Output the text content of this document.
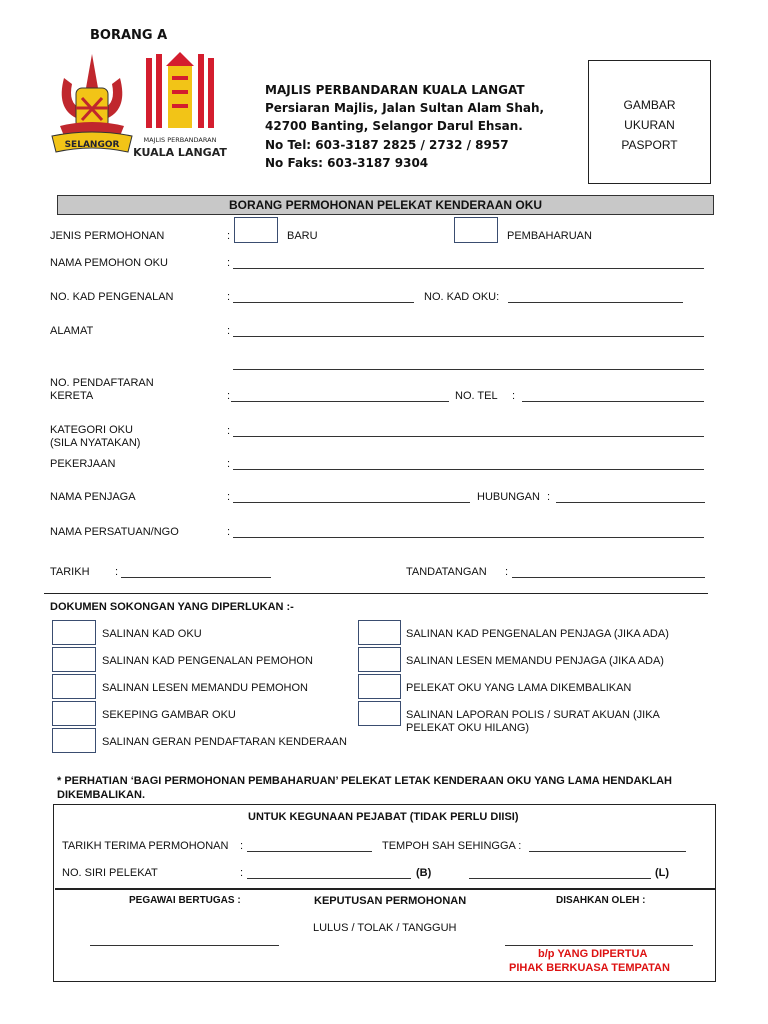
BORANG A
SELANGOR	MAJLIS PERBANDARAN
KUALA LANGAT
MAJLIS PERBANDARAN KUALA LANGAT
Persiaran Majlis, Jalan Sultan Alam Shah,
42700 Banting, Selangor Darul Ehsan.
No Tel: 603-3187 2825 / 2732 / 8957
No Faks: 603-3187 9304
GAMBAR
UKURAN
PASPORT
BORANG PERMOHONAN PELEKAT KENDERAAN OKU
JENIS PERMOHONAN	:	BARU	PEMBAHARUAN
NAMA PEMOHON OKU	:
NO. KAD PENGENALAN	:	NO. KAD OKU:
ALAMAT	:
NO. PENDAFTARAN
KERETA	:	NO. TEL :
KATEGORI OKU
(SILA NYATAKAN)
:
PEKERJAAN	:
NAMA PENJAGA	:	HUBUNGAN :
NAMA PERSATUAN/NGO	:
TARIKH :	TANDATANGAN :
DOKUMEN SOKONGAN YANG DIPERLUKAN :-
SALINAN KAD OKU
SALINAN KAD PENGENALAN PEMOHON
SALINAN LESEN MEMANDU PEMOHON
SEKEPING GAMBAR OKU
SALINAN GERAN PENDAFTARAN KENDERAAN
SALINAN KAD PENGENALAN PENJAGA (JIKA ADA)
SALINAN LESEN MEMANDU PENJAGA (JIKA ADA)
PELEKAT OKU YANG LAMA DIKEMBALIKAN
SALINAN LAPORAN POLIS / SURAT AKUAN (JIKA
PELEKAT OKU HILANG)
* PERHATIAN ‘BAGI PERMOHONAN PEMBAHARUAN’ PELEKAT LETAK KENDERAAN OKU YANG LAMA HENDAKLAH
DIKEMBALIKAN.
UNTUK KEGUNAAN PEJABAT (TIDAK PERLU DIISI)
TARIKH TERIMA PERMOHONAN :	TEMPOH SAH SEHINGGA :
NO. SIRI PELEKAT	:	(B)	(L)
PEGAWAI BERTUGAS :	KEPUTUSAN PERMOHONAN	DISAHKAN OLEH :
LULUS / TOLAK / TANGGUH
b/p YANG DIPERTUA
PIHAK BERKUASA TEMPATAN
